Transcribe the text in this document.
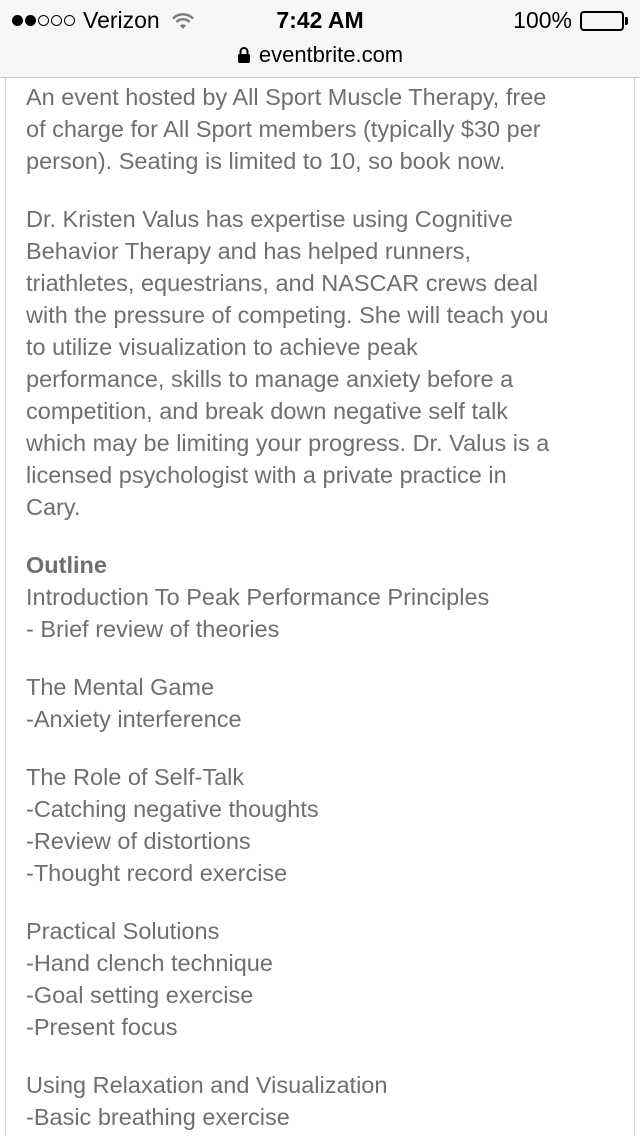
Verizon	7:42 AM	100%
eventbrite.com

An event hosted by All Sport Muscle Therapy, free
of charge for All Sport members (typically $30 per
person). Seating is limited to 10, so book now.

Dr. Kristen Valus has expertise using Cognitive
Behavior Therapy and has helped runners,
triathletes, equestrians, and NASCAR crews deal
with the pressure of competing. She will teach you
to utilize visualization to achieve peak
performance, skills to manage anxiety before a
competition, and break down negative self talk
which may be limiting your progress. Dr. Valus is a
licensed psychologist with a private practice in
Cary.

Outline
Introduction To Peak Performance Principles
- Brief review of theories
The Mental Game
-Anxiety interference
The Role of Self-Talk
-Catching negative thoughts
-Review of distortions
-Thought record exercise
Practical Solutions
-Hand clench technique
-Goal setting exercise
-Present focus
Using Relaxation and Visualization
-Basic breathing exercise
